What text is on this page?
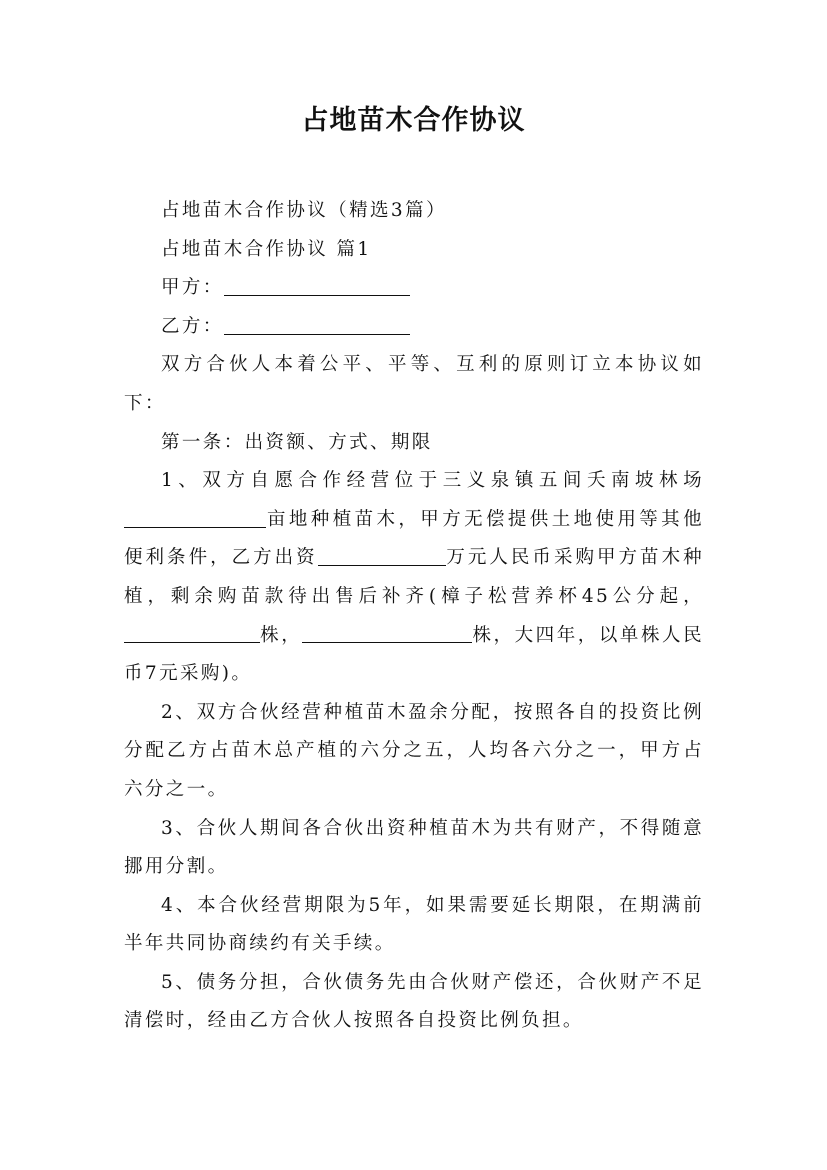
占地苗木合作协议

占地苗木合作协议（精选3篇）

占地苗木合作协议 篇1

甲方：

乙方：

双方合伙人本着公平、平等、互利的原则订立本协议如下：

第一条：出资额、方式、期限

1、双方自愿合作经营位于三义泉镇五间夭南坡林场亩地种植苗木，甲方无偿提供土地使用等其他便利条件，乙方出资	万元人民币采购甲方苗木种植，剩余购苗款待出售后补齐(樟子松营养杯45公分起，株，	株，大四年，以单株人民币7元采购)。

2、双方合伙经营种植苗木盈余分配，按照各自的投资比例分配乙方占苗木总产植的六分之五，人均各六分之一，甲方占六分之一。

3、合伙人期间各合伙出资种植苗木为共有财产，不得随意挪用分割。

4、本合伙经营期限为5年，如果需要延长期限，在期满前半年共同协商续约有关手续。

5、债务分担，合伙债务先由合伙财产偿还，合伙财产不足清偿时，经由乙方合伙人按照各自投资比例负担。
